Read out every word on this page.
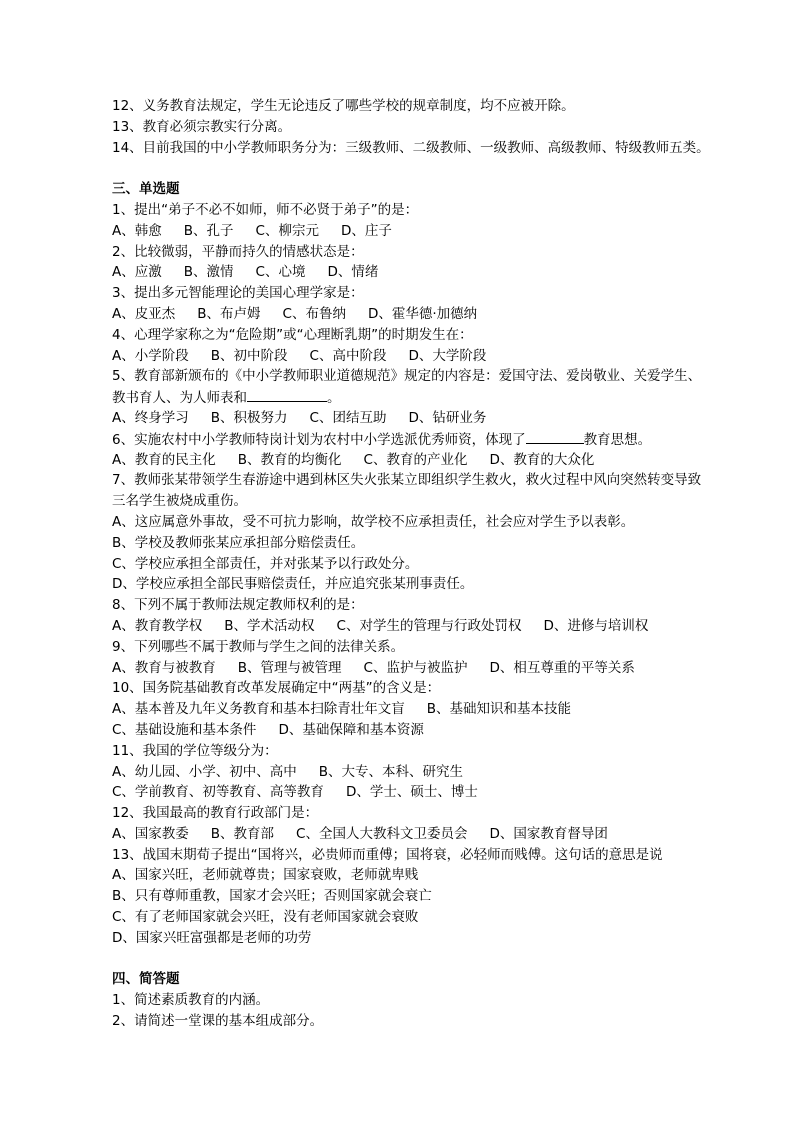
12、义务教育法规定，学生无论违反了哪些学校的规章制度，均不应被开除。
13、教育必须宗教实行分离。
14、目前我国的中小学教师职务分为：三级教师、二级教师、一级教师、高级教师、特级教师五类。
三、单选题
1、提出“弟子不必不如师，师不必贤于弟子”的是：
A、韩愈 B、孔子 C、柳宗元 D、庄子
2、比较微弱，平静而持久的情感状态是：
A、应激 B、激情 C、心境 D、情绪
3、提出多元智能理论的美国心理学家是：
A、皮亚杰 B、布卢姆 C、布鲁纳 D、霍华德·加德纳
4、心理学家称之为“危险期”或“心理断乳期”的时期发生在：
A、小学阶段 B、初中阶段 C、高中阶段 D、大学阶段
5、教育部新颁布的《中小学教师职业道德规范》规定的内容是：爱国守法、爱岗敬业、关爱学生、
教书育人、为人师表和	。
A、终身学习 B、积极努力 C、团结互助 D、钻研业务
6、实施农村中小学教师特岗计划为农村中小学选派优秀师资，体现了	教育思想。
A、教育的民主化 B、教育的均衡化 C、教育的产业化 D、教育的大众化
7、教师张某带领学生春游途中遇到林区失火张某立即组织学生救火，救火过程中风向突然转变导致
三名学生被烧成重伤。
A、这应属意外事故，受不可抗力影响，故学校不应承担责任，社会应对学生予以表彰。
B、学校及教师张某应承担部分赔偿责任。
C、学校应承担全部责任，并对张某予以行政处分。
D、学校应承担全部民事赔偿责任，并应追究张某刑事责任。
8、下列不属于教师法规定教师权利的是：
A、教育教学权 B、学术活动权 C、对学生的管理与行政处罚权 D、进修与培训权
9、下列哪些不属于教师与学生之间的法律关系。
A、教育与被教育 B、管理与被管理 C、监护与被监护 D、相互尊重的平等关系
10、国务院基础教育改革发展确定中“两基”的含义是：
A、基本普及九年义务教育和基本扫除青壮年文盲 B、基础知识和基本技能
C、基础设施和基本条件 D、基础保障和基本资源
11、我国的学位等级分为：
A、幼儿园、小学、初中、高中 B、大专、本科、研究生
C、学前教育、初等教育、高等教育 D、学士、硕士、博士
12、我国最高的教育行政部门是：
A、国家教委 B、教育部 C、全国人大教科文卫委员会 D、国家教育督导团
13、战国末期荀子提出“国将兴，必贵师而重傅；国将衰，必轻师而贱傅。这句话的意思是说
A、国家兴旺，老师就尊贵；国家衰败，老师就卑贱
B、只有尊师重教，国家才会兴旺；否则国家就会衰亡
C、有了老师国家就会兴旺，没有老师国家就会衰败
D、国家兴旺富强都是老师的功劳
四、简答题
1、简述素质教育的内涵。
2、请简述一堂课的基本组成部分。
